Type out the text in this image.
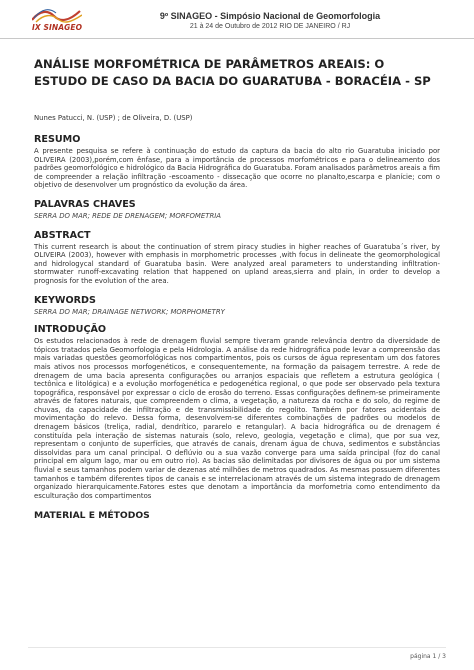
IX SINAGEO
9º SINAGEO - Simpósio Nacional de Geomorfologia
21 à 24 de Outubro de 2012 RIO DE JANEIRO / RJ
ANÁLISE MORFOMÉTRICA DE PARÂMETROS AREAIS: O ESTUDO DE CASO DA BACIA DO GUARATUBA - BORACÉIA - SP
Nunes Patucci, N. (USP) ; de Oliveira, D. (USP)
RESUMO
A presente pesquisa se refere à continuação do estudo da captura da bacia do alto rio Guaratuba iniciado por OLIVEIRA (2003),porém,com ênfase, para a importância de processos morfométricos e para o delineamento dos padrões geomorfológico e hidrológico da Bacia Hidrográfica do Guaratuba. Foram analisados parâmetros areais a fim de compreender a relação infiltração -escoamento - dissecação que ocorre no planalto,escarpa e planície; com o objetivo de desenvolver um prognóstico da evolução da área.
PALAVRAS CHAVES
SERRA DO MAR; REDE DE DRENAGEM; MORFOMETRIA
ABSTRACT
This current research is about the continuation of strem piracy studies in higher reaches of Guaratuba´s river, by OLIVEIRA (2003), however with emphasis in morphometric processes ,with focus in delineate the geomorphological and hidrologycal standard of Guaratuba basin. Were analyzed areal parameters to understanding infiltration-stormwater runoff-excavating relation that happened on upland areas,sierra and plain, in order to develop a prognosis for the evolution of the area.
KEYWORDS
SERRA DO MAR; DRAINAGE NETWORK; MORPHOMETRY
INTRODUÇÃO
Os estudos relacionados à rede de drenagem fluvial sempre tiveram grande relevância dentro da diversidade de tópicos tratados pela Geomorfologia e pela Hidrologia. A análise da rede hidrográfica pode levar a compreensão das mais variadas questões geomorfológicas nos compartimentos, pois os cursos de água representam um dos fatores mais ativos nos processos morfogenéticos, e consequentemente, na formação da paisagem terrestre. A rede de drenagem de uma bacia apresenta configurações ou arranjos espaciais que refletem a estrutura geológica ( tectônica e litológica) e a evolução morfogenética e pedogenética regional, o que pode ser observado pela textura topográfica, responsável por expressar o ciclo de erosão do terreno. Essas configurações definem-se primeiramente através de fatores naturais, que compreendem o clima, a vegetação, a natureza da rocha e do solo, do regime de chuvas, da capacidade de infiltração e de transmissibilidade do regolito. Também por fatores acidentais de movimentação do relevo. Dessa forma, desenvolvem-se diferentes combinações de padrões ou modelos de drenagem básicos (treliça, radial, dendrítico, pararelo e retangular). A bacia hidrográfica ou de drenagem é constituída pela interação de sistemas naturais (solo, relevo, geologia, vegetação e clima), que por sua vez, representam o conjunto de superfícies, que através de canais, drenam água de chuva, sedimentos e substâncias dissolvidas para um canal principal. O deflúvio ou a sua vazão converge para uma saída principal (foz do canal principal em algum lago, mar ou em outro rio). As bacias são delimitadas por divisores de água ou por um sistema fluvial e seus tamanhos podem variar de dezenas até milhões de metros quadrados. As mesmas possuem diferentes tamanhos e também diferentes tipos de canais e se interrelacionam através de um sistema integrado de drenagem organizado hierarquicamente.Fatores estes que denotam a importância da morfometria como entendimento da esculturação dos compartimentos
MATERIAL E MÉTODOS
página 1 / 3
